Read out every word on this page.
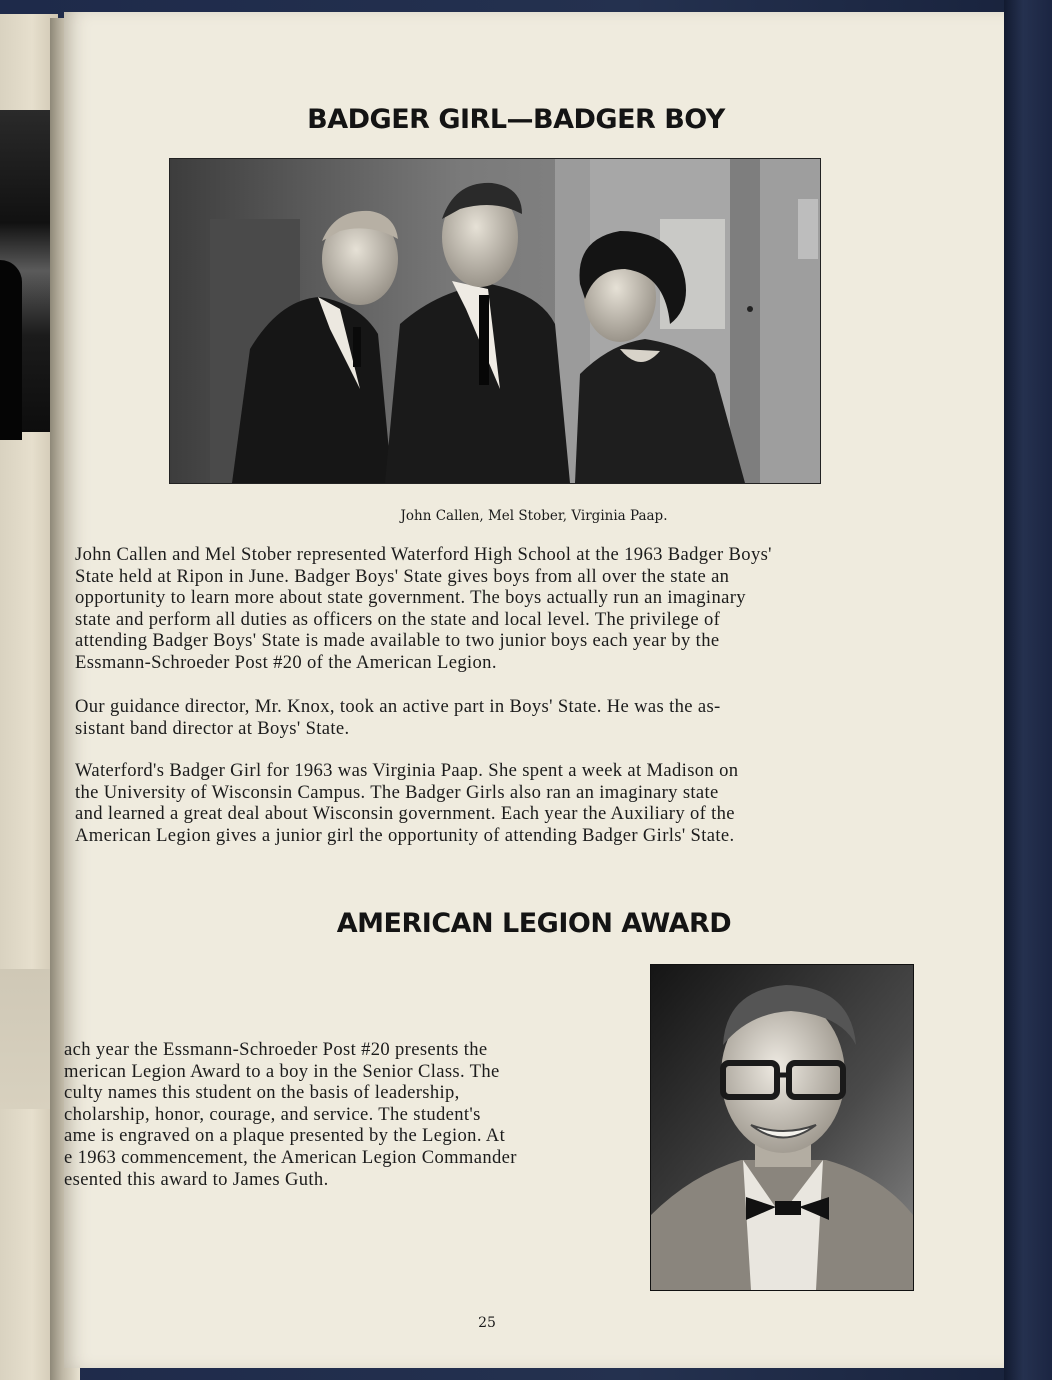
BADGER GIRL—BADGER BOY

John Callen, Mel Stober, Virginia Paap.

John Callen and Mel Stober represented Waterford High School at the 1963 Badger Boys'
State held at Ripon in June. Badger Boys' State gives boys from all over the state an
opportunity to learn more about state government. The boys actually run an imaginary
state and perform all duties as officers on the state and local level. The privilege of
attending Badger Boys' State is made available to two junior boys each year by the
Essmann-Schroeder Post #20 of the American Legion.

Our guidance director, Mr. Knox, took an active part in Boys' State. He was the as-
sistant band director at Boys' State.

Waterford's Badger Girl for 1963 was Virginia Paap. She spent a week at Madison on
the University of Wisconsin Campus. The Badger Girls also ran an imaginary state
and learned a great deal about Wisconsin government. Each year the Auxiliary of the
American Legion gives a junior girl the opportunity of attending Badger Girls' State.

AMERICAN LEGION AWARD

ach year the Essmann-Schroeder Post #20 presents the
merican Legion Award to a boy in the Senior Class. The
culty names this student on the basis of leadership,
cholarship, honor, courage, and service. The student's
ame is engraved on a plaque presented by the Legion. At
e 1963 commencement, the American Legion Commander
esented this award to James Guth.

25
